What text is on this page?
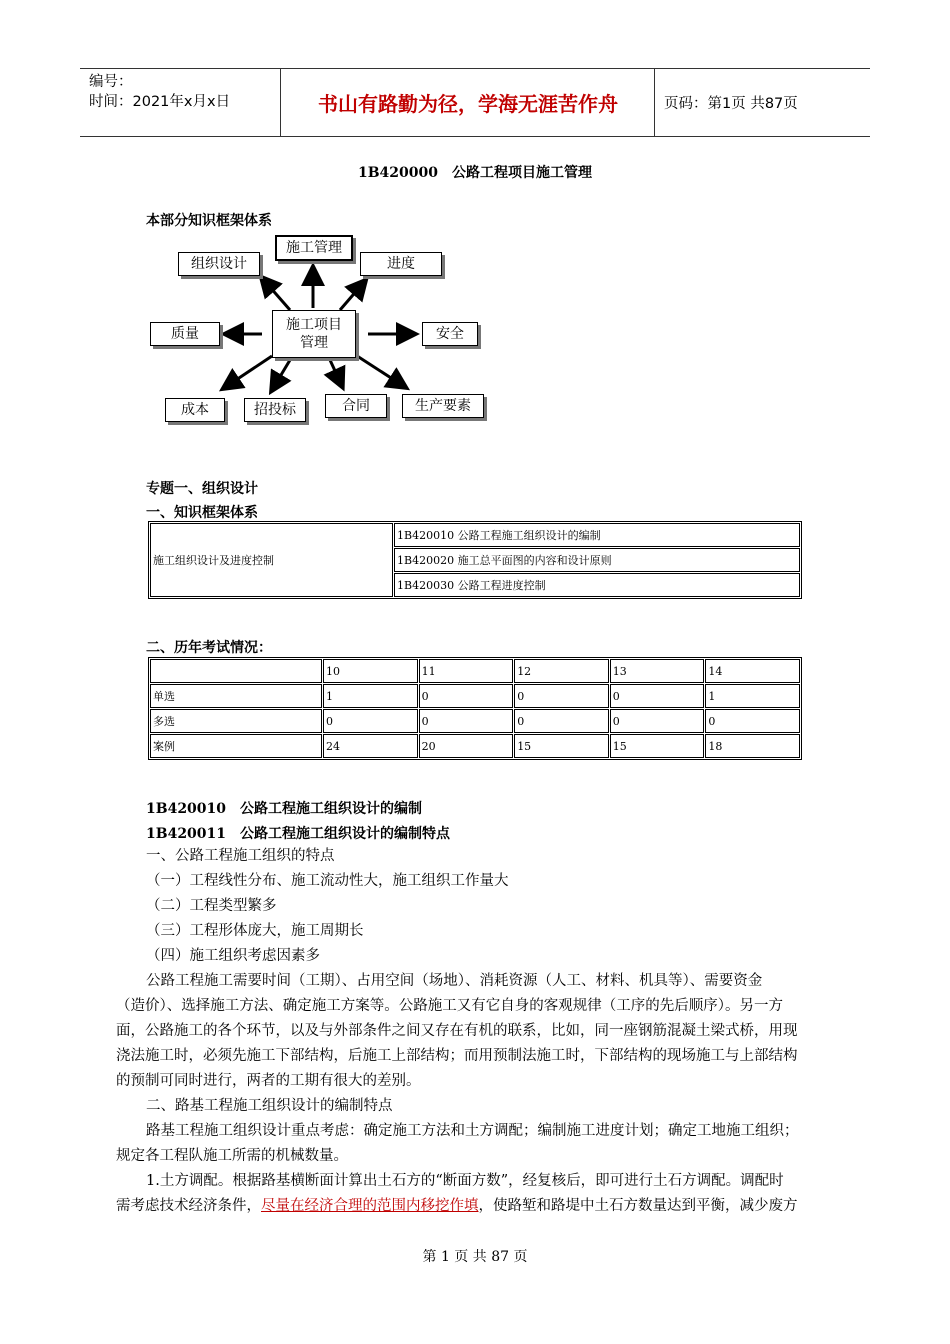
编号：
时间：2021年x月x日	书山有路勤为径，学海无涯苦作舟	页码：第1页 共87页
1B420000　公路工程项目施工管理
本部分知识框架体系
施工项目
管理
施工管理
组织设计	进度
质量	安全
成本	招投标	合同	生产要素
专题一、组织设计
一、知识框架体系
施工组织设计及进度控制	1B420010 公路工程施工组织设计的编制
1B420020 施工总平面图的内容和设计原则
1B420030 公路工程进度控制
二、历年考试情况：
	10	11	12	13	14
单选	1	0	0	0	1
多选	0	0	0	0	0
案例	24	20	15	15	18
1B420010　公路工程施工组织设计的编制
1B420011　公路工程施工组织设计的编制特点
一、公路工程施工组织的特点
（一）工程线性分布、施工流动性大，施工组织工作量大
（二）工程类型繁多
（三）工程形体庞大，施工周期长
（四）施工组织考虑因素多
公路工程施工需要时间（工期）、占用空间（场地）、消耗资源（人工、材料、机具等）、需要资金
（造价）、选择施工方法、确定施工方案等。公路施工又有它自身的客观规律（工序的先后顺序）。另一方
面，公路施工的各个环节，以及与外部条件之间又存在有机的联系，比如，同一座钢筋混凝土梁式桥，用现
浇法施工时，必须先施工下部结构，后施工上部结构；而用预制法施工时，下部结构的现场施工与上部结构
的预制可同时进行，两者的工期有很大的差别。
二、路基工程施工组织设计的编制特点
路基工程施工组织设计重点考虑：确定施工方法和土方调配；编制施工进度计划；确定工地施工组织；
规定各工程队施工所需的机械数量。
1.土方调配。根据路基横断面计算出土石方的“断面方数”，经复核后，即可进行土石方调配。调配时
需考虑技术经济条件，尽量在经济合理的范围内移挖作填，使路堑和路堤中土石方数量达到平衡，减少废方
第 1 页 共 87 页
